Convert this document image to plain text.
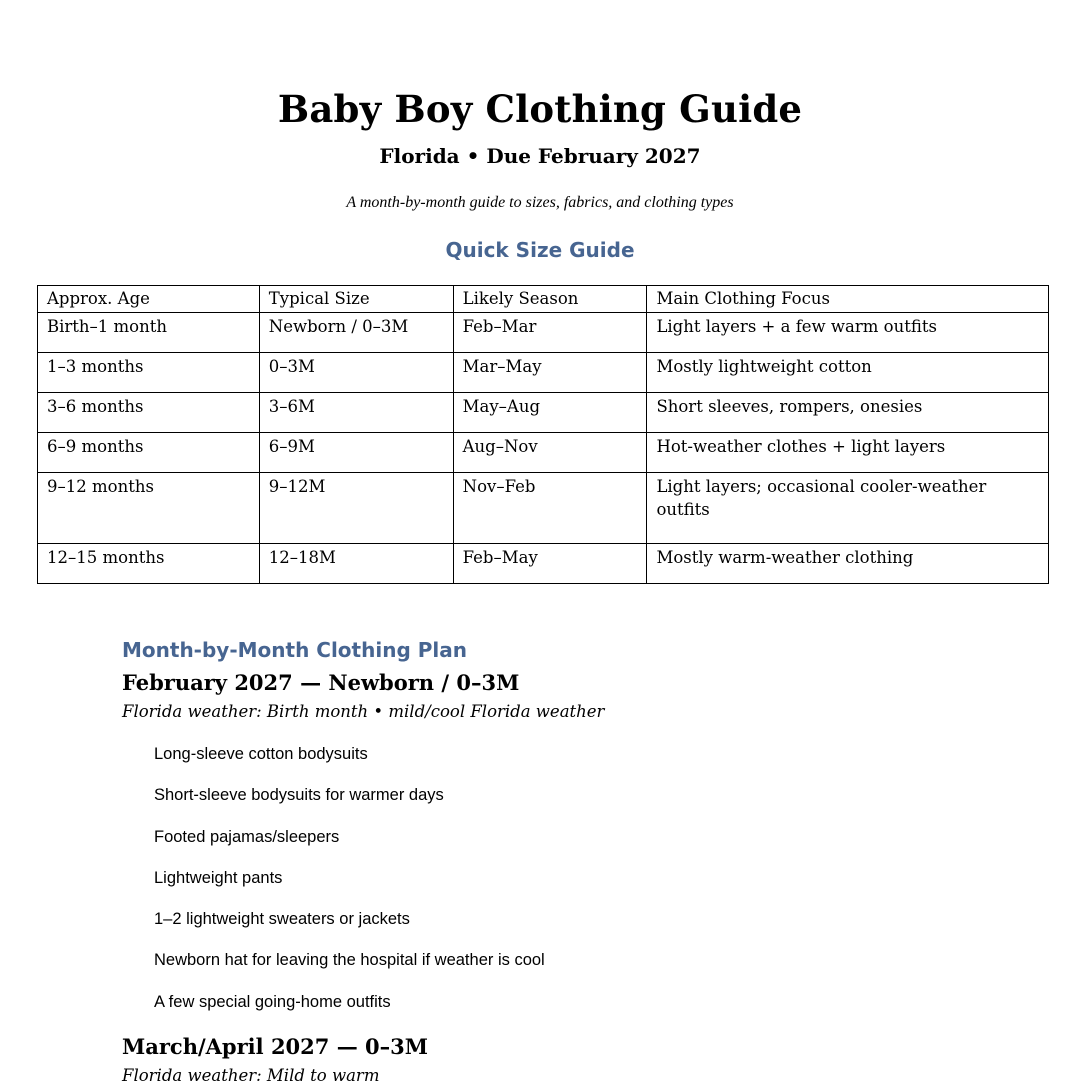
Baby Boy Clothing Guide
Florida • Due February 2027
A month-by-month guide to sizes, fabrics, and clothing types
Quick Size Guide
Approx. Age	Typical Size	Likely Season	Main Clothing Focus
Birth–1 month	Newborn / 0–3M	Feb–Mar	Light layers + a few warm outfits
1–3 months	0–3M	Mar–May	Mostly lightweight cotton
3–6 months	3–6M	May–Aug	Short sleeves, rompers, onesies
6–9 months	6–9M	Aug–Nov	Hot-weather clothes + light layers
9–12 months	9–12M	Nov–Feb	Light layers; occasional cooler-weather outfits
12–15 months	12–18M	Feb–May	Mostly warm-weather clothing
Month-by-Month Clothing Plan
February 2027 — Newborn / 0–3M
Florida weather: Birth month • mild/cool Florida weather
Long-sleeve cotton bodysuits
Short-sleeve bodysuits for warmer days
Footed pajamas/sleepers
Lightweight pants
1–2 lightweight sweaters or jackets
Newborn hat for leaving the hospital if weather is cool
A few special going-home outfits
March/April 2027 — 0–3M
Florida weather: Mild to warm
